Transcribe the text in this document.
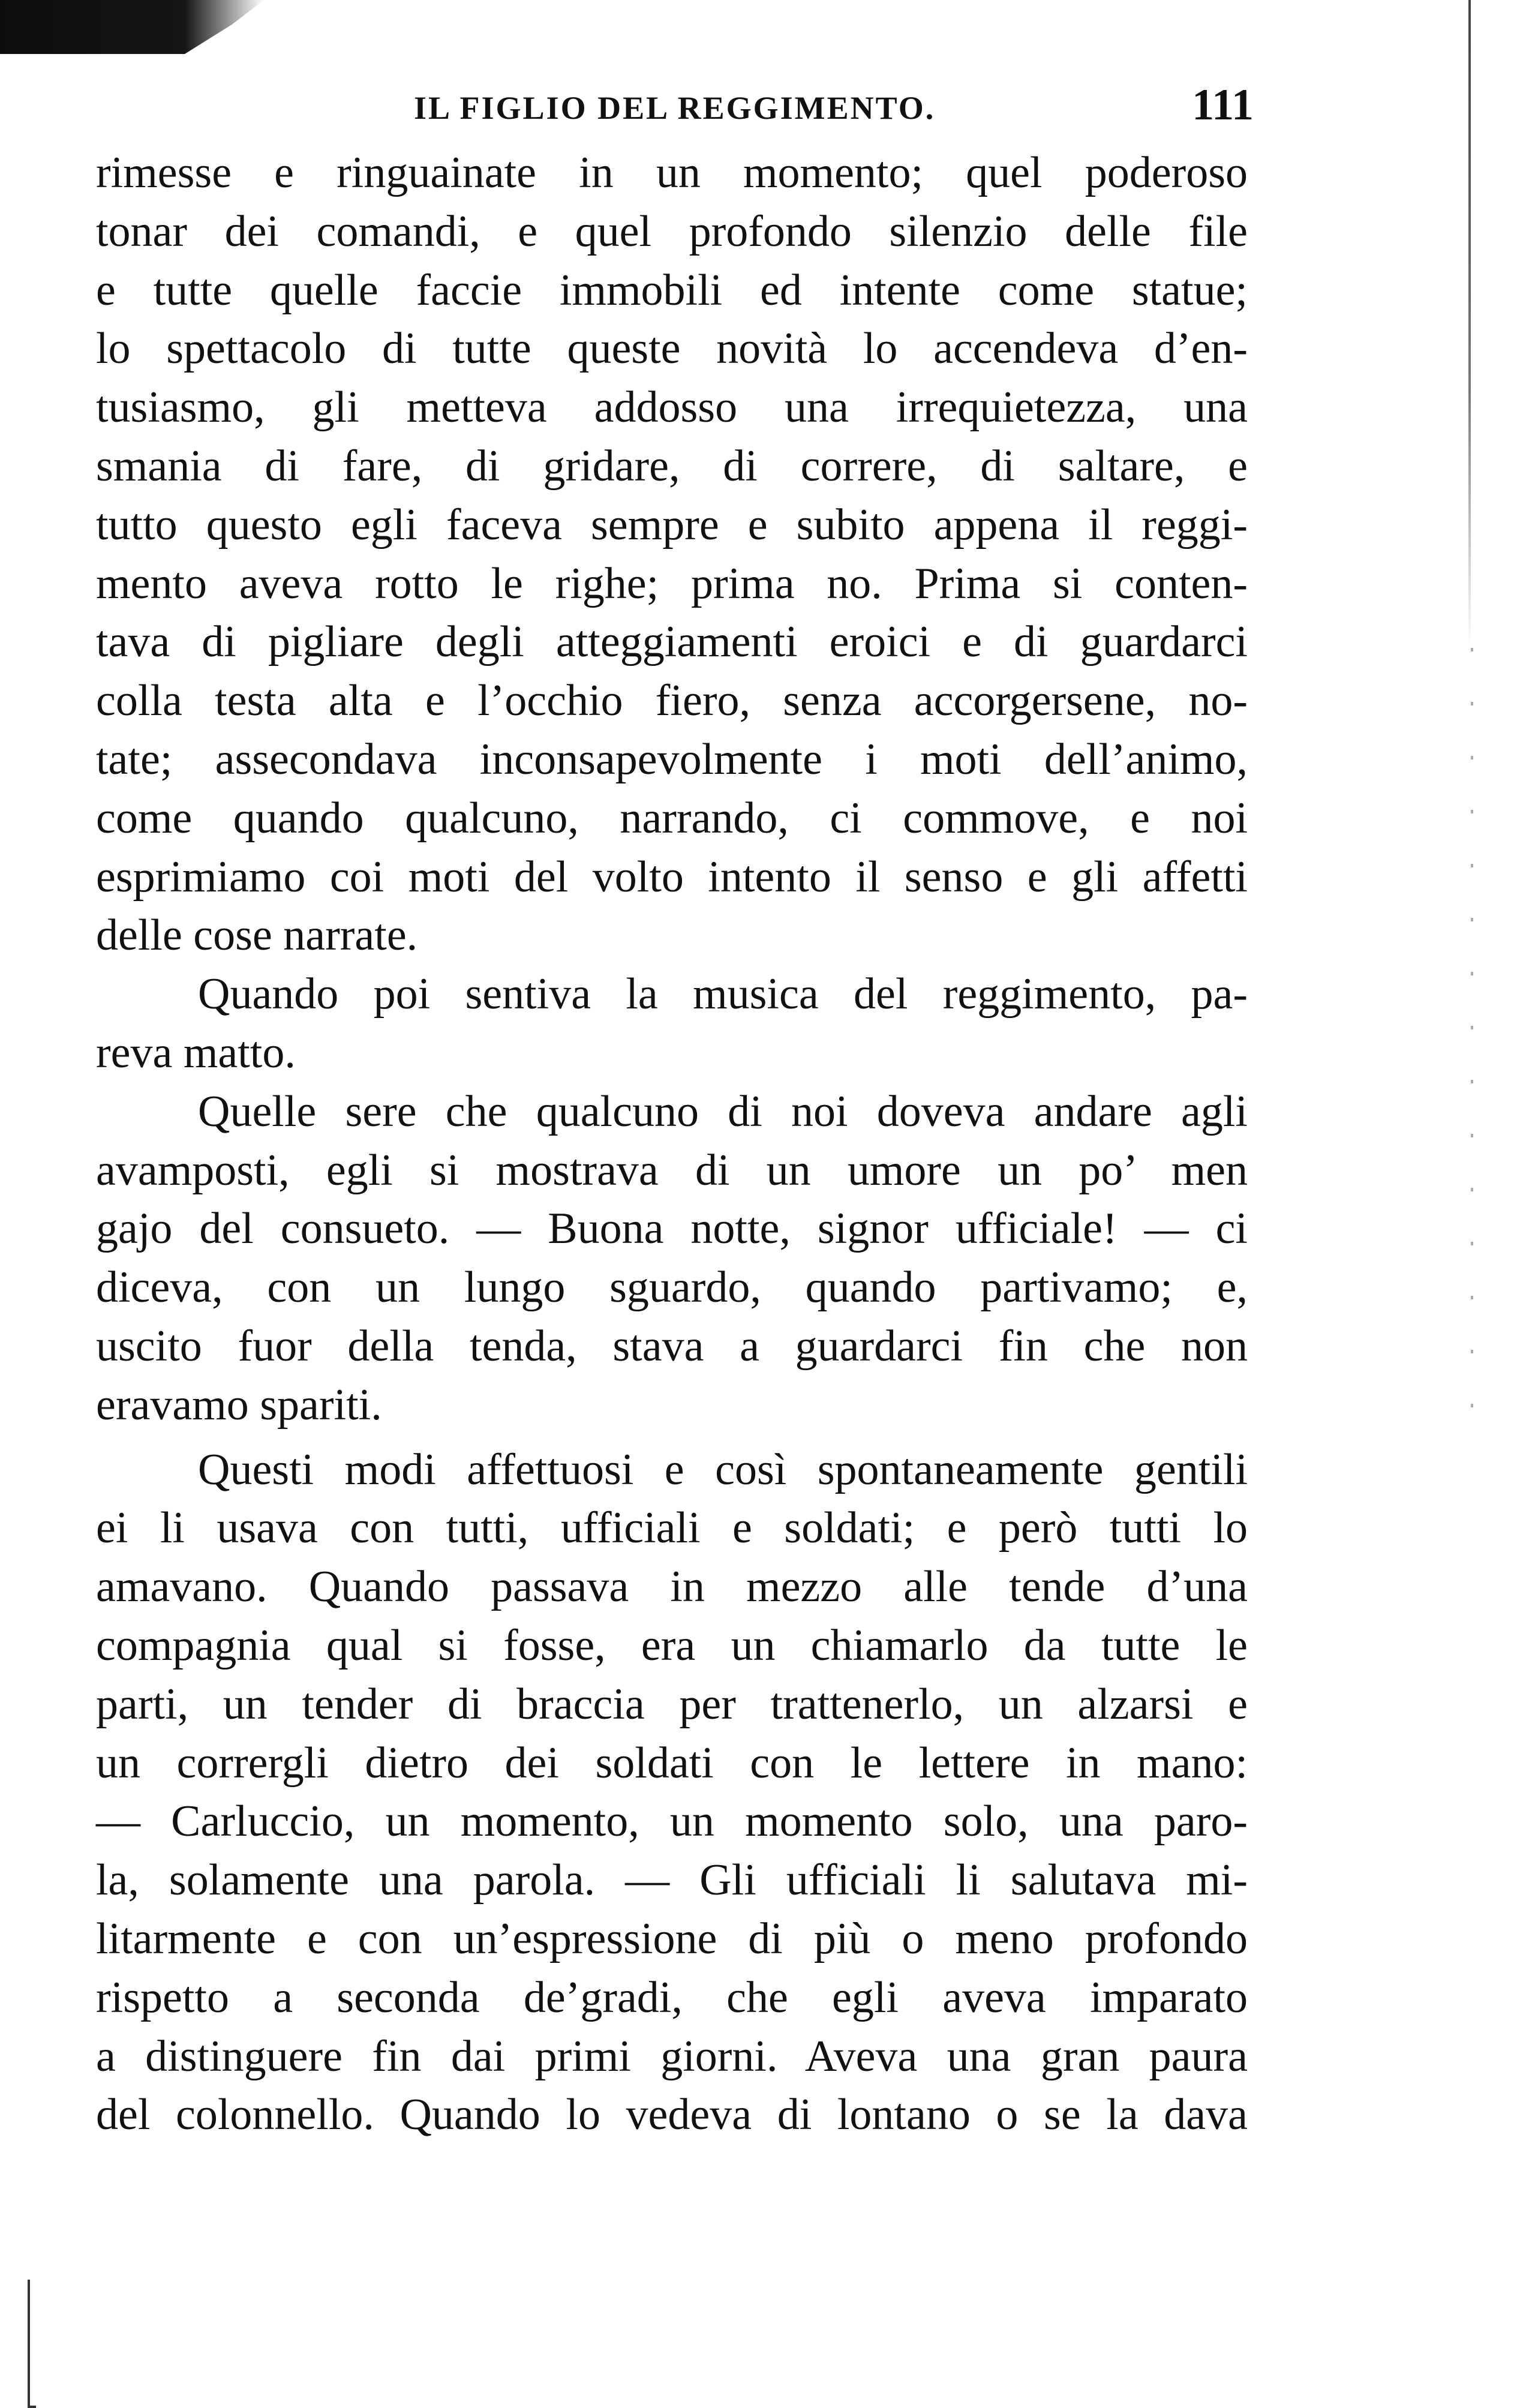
IL FIGLIO DEL REGGIMENTO.	111
rimesse e ringuainate in un momento; quel poderoso
tonar dei comandi, e quel profondo silenzio delle file
e tutte quelle faccie immobili ed intente come statue;
lo spettacolo di tutte queste novità lo accendeva d’en-
tusiasmo, gli metteva addosso una irrequietezza, una
smania di fare, di gridare, di correre, di saltare, e
tutto questo egli faceva sempre e subito appena il reggi-
mento aveva rotto le righe; prima no. Prima si conten-
tava di pigliare degli atteggiamenti eroici e di guardarci
colla testa alta e l’occhio fiero, senza accorgersene, no-
tate; assecondava inconsapevolmente i moti dell’animo,
come quando qualcuno, narrando, ci commove, e noi
esprimiamo coi moti del volto intento il senso e gli affetti
delle cose narrate.
Quando poi sentiva la musica del reggimento, pa-
reva matto.
Quelle sere che qualcuno di noi doveva andare agli
avamposti, egli si mostrava di un umore un po’ men
gajo del consueto. — Buona notte, signor ufficiale! — ci
diceva, con un lungo sguardo, quando partivamo; e,
uscito fuor della tenda, stava a guardarci fin che non
eravamo spariti.
Questi modi affettuosi e così spontaneamente gentili
ei li usava con tutti, ufficiali e soldati; e però tutti lo
amavano. Quando passava in mezzo alle tende d’una
compagnia qual si fosse, era un chiamarlo da tutte le
parti, un tender di braccia per trattenerlo, un alzarsi e
un corrergli dietro dei soldati con le lettere in mano:
— Carluccio, un momento, un momento solo, una paro-
la, solamente una parola. — Gli ufficiali li salutava mi-
litarmente e con un’espressione di più o meno profondo
rispetto a seconda de’gradi, che egli aveva imparato
a distinguere fin dai primi giorni. Aveva una gran paura
del colonnello. Quando lo vedeva di lontano o se la dava
